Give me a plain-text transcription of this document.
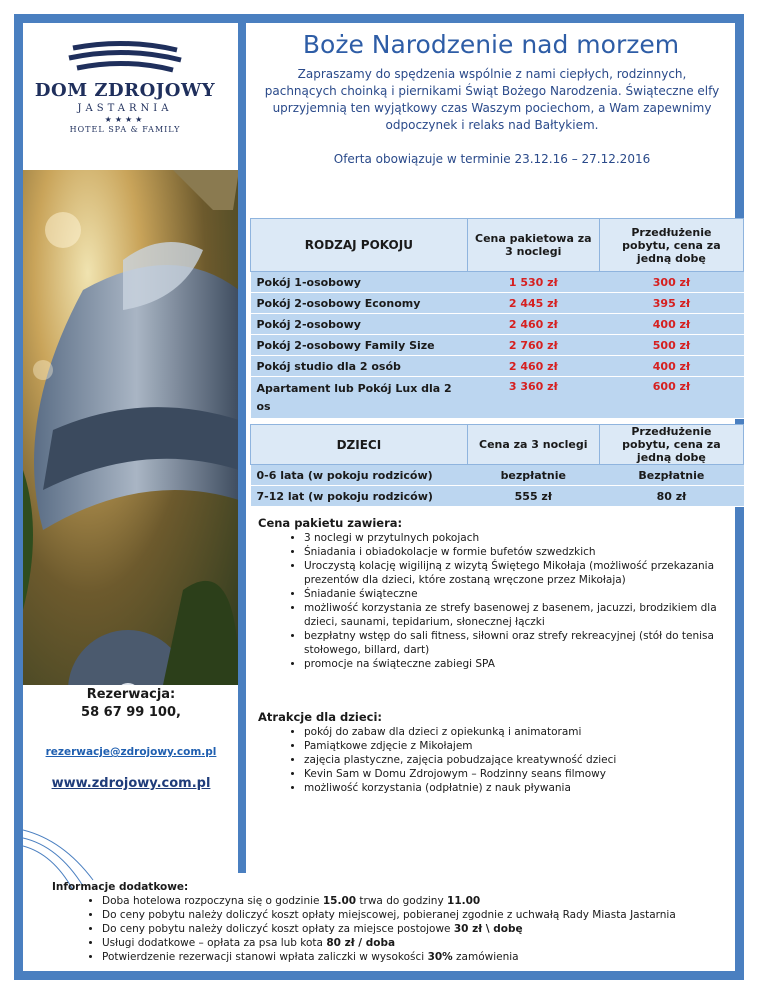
DOM ZDROJOWY
JASTARNIA
★★★★
HOTEL SPA & FAMILY
Boże Narodzenie nad morzem
Zapraszamy do spędzenia wspólnie z nami ciepłych, rodzinnych, pachnących choinką i piernikami Świąt Bożego Narodzenia. Świąteczne elfy uprzyjemnią ten wyjątkowy czas Waszym pociechom, a Wam zapewnimy odpoczynek i relaks nad Bałtykiem.
Oferta obowiązuje w terminie 23.12.16 – 27.12.2016
RODZAJ POKOJU	Cena pakietowa za 3 noclegi	Przedłużenie pobytu, cena za jedną dobę
Pokój 1-osobowy	1 530 zł	300 zł
Pokój 2-osobowy Economy	2 445 zł	395 zł
Pokój 2-osobowy	2 460 zł	400 zł
Pokój 2-osobowy Family Size	2 760 zł	500 zł
Pokój studio dla 2 osób	2 460 zł	400 zł
Apartament lub Pokój Lux dla 2 os	3 360 zł	600 zł
DZIECI	Cena za 3 noclegi	Przedłużenie pobytu, cena za jedną dobę
0-6 lata (w pokoju rodziców)	bezpłatnie	Bezpłatnie
7-12 lat (w pokoju rodziców)	555 zł	80 zł
Cena pakietu zawiera:
• 3 noclegi w przytulnych pokojach
• Śniadania i obiadokolacje w formie bufetów szwedzkich
• Uroczystą kolację wigilijną z wizytą Świętego Mikołaja (możliwość przekazania prezentów dla dzieci, które zostaną wręczone przez Mikołaja)
• Śniadanie świąteczne
• możliwość korzystania ze strefy basenowej z basenem, jacuzzi, brodzikiem dla dzieci, saunami, tepidarium, słonecznej łączki
• bezpłatny wstęp do sali fitness, siłowni oraz strefy rekreacyjnej (stół do tenisa stołowego, billard, dart)
• promocje na świąteczne zabiegi SPA
Atrakcje dla dzieci:
• pokój do zabaw dla dzieci z opiekunką i animatorami
• Pamiątkowe zdjęcie z Mikołajem
• zajęcia plastyczne, zajęcia pobudzające kreatywność dzieci
• Kevin Sam w Domu Zdrojowym – Rodzinny seans filmowy
• możliwość korzystania (odpłatnie) z nauk pływania
Rezerwacja:
58 67 99 100,
rezerwacje@zdrojowy.com.pl
www.zdrojowy.com.pl
Informacje dodatkowe:
• Doba hotelowa rozpoczyna się o godzinie 15.00 trwa do godziny 11.00
• Do ceny pobytu należy doliczyć koszt opłaty miejscowej, pobieranej zgodnie z uchwałą Rady Miasta Jastarnia
• Do ceny pobytu należy doliczyć koszt opłaty za miejsce postojowe 30 zł \ dobę
• Usługi dodatkowe – opłata za psa lub kota 80 zł / doba
• Potwierdzenie rezerwacji stanowi wpłata zaliczki w wysokości 30% zamówienia
